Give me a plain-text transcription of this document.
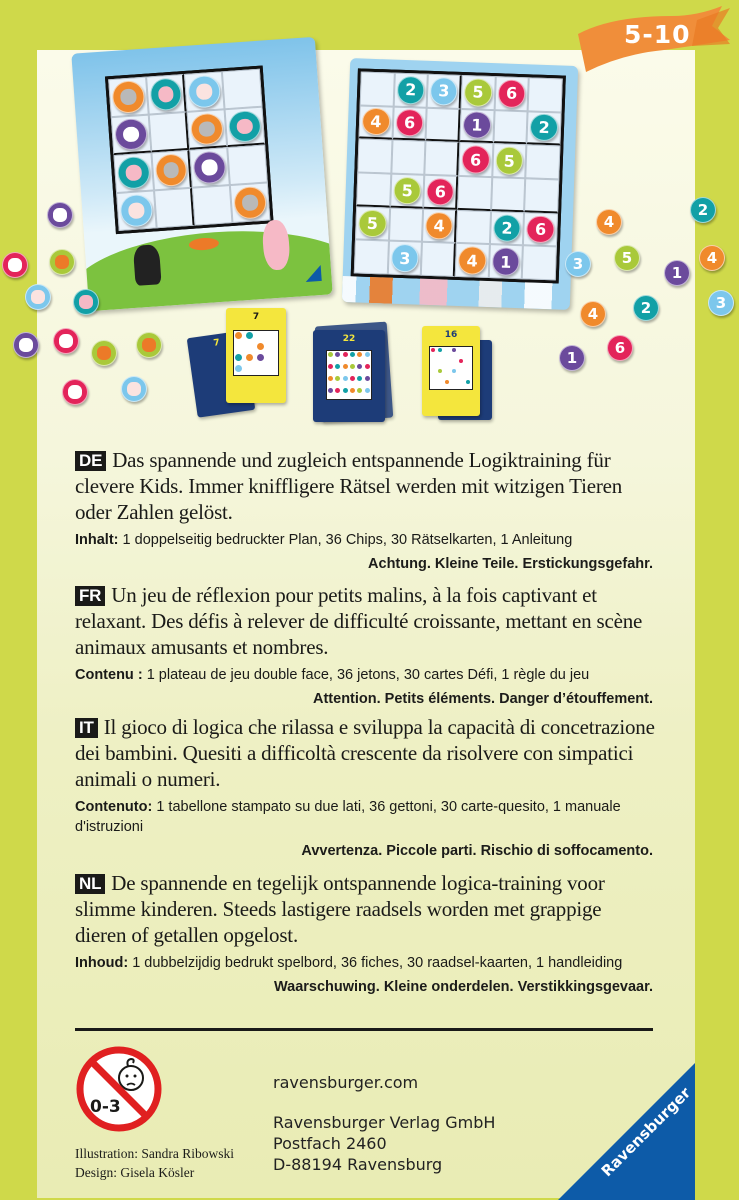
5-10
2	3	5	6
4	6	1	2
6	5
5	6
5	4	2	6
3	4	1
2
4
3	5
1
4
3
4	2
6
1
7
7
22	16
DE Das spannende und zugleich entspannende Logiktraining für clevere Kids. Immer kniffligere Rätsel werden mit witzigen Tieren oder Zahlen gelöst.
Inhalt: 1 doppelseitig bedruckter Plan, 36 Chips, 30 Rätselkarten, 1 Anleitung
Achtung. Kleine Teile. Erstickungsgefahr.
FR Un jeu de réflexion pour petits malins, à la fois captivant et relaxant. Des défis à relever de difficulté croissante, mettant en scène animaux amusants et nombres.
Contenu : 1 plateau de jeu double face, 36 jetons, 30 cartes Défi, 1 règle du jeu
Attention. Petits éléments. Danger d’étouffement.
IT Il gioco di logica che rilassa e sviluppa la capacità di concetrazione dei bambini. Quesiti a difficoltà crescente da risolvere con simpatici animali o numeri.
Contenuto: 1 tabellone stampato su due lati, 36 gettoni, 30 carte-quesito, 1 manuale d'istruzioni
Avvertenza. Piccole parti. Rischio di soffocamento.
NL De spannende en tegelijk ontspannende logica-training voor slimme kinderen. Steeds lastigere raadsels worden met grappige dieren of getallen opgelost.
Inhoud: 1 dubbelzijdig bedrukt spelbord, 36 fiches, 30 raadsel-kaarten, 1 handleiding
Waarschuwing. Kleine onderdelen. Verstikkingsgevaar.
0-3
Illustration: Sandra Ribowski
Design: Gisela Kösler
ravensburger.com
Ravensburger Verlag GmbH
Postfach 2460
D-88194 Ravensburg	Ravensburger
